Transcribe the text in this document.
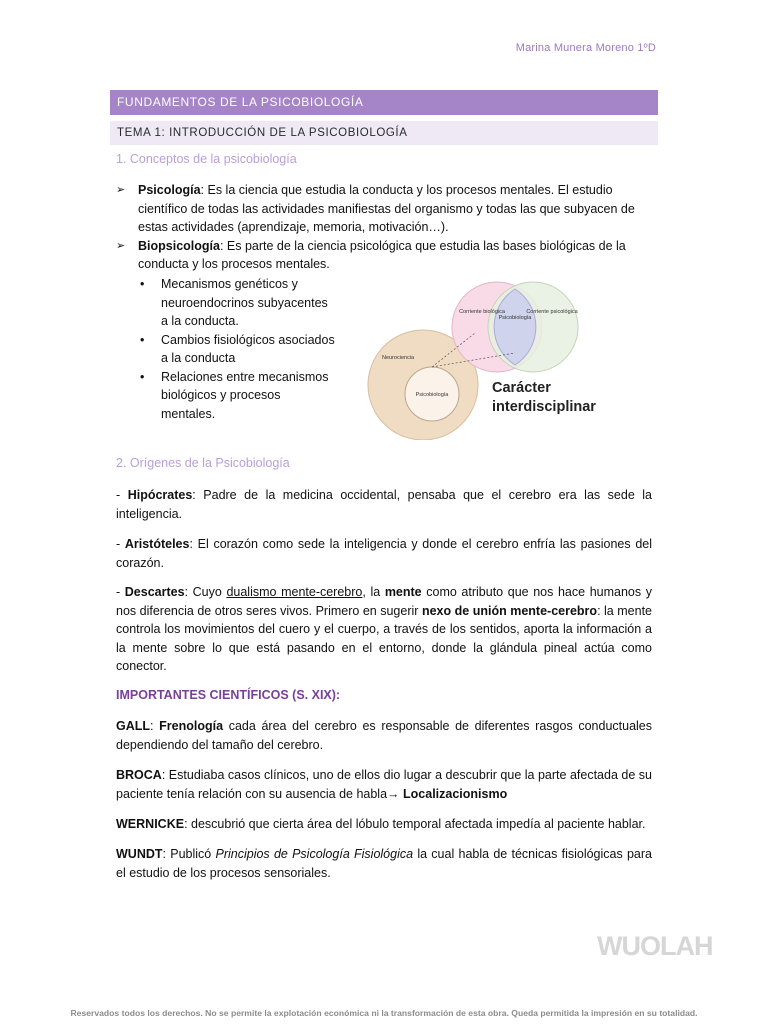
Marina Munera Moreno 1ºD
FUNDAMENTOS DE LA PSICOBIOLOGÍA
TEMA 1: INTRODUCCIÓN DE LA PSICOBIOLOGÍA
1. Conceptos de la psicobiología
➢ Psicología: Es la ciencia que estudia la conducta y los procesos mentales. El estudio científico de todas las actividades manifiestas del organismo y todas las que subyacen de estas actividades (aprendizaje, memoria, motivación…).
➢ Biopsicología: Es parte de la ciencia psicológica que estudia las bases biológicas de la conducta y los procesos mentales.
• Mecanismos genéticos y neuroendocrinos subyacentes a la conducta.
• Cambios fisiológicos asociados a la conducta
• Relaciones entre mecanismos biológicos y procesos mentales.
Corriente biológica
Psicobiología
Corriente psicológica
Neurociencia
Psicobiología	Carácter
interdisciplinar
2. Orígenes de la Psicobiología
- Hipócrates: Padre de la medicina occidental, pensaba que el cerebro era las sede la inteligencia.
- Aristóteles: El corazón como sede la inteligencia y donde el cerebro enfría las pasiones del corazón.
- Descartes: Cuyo dualismo mente-cerebro, la mente como atributo que nos hace humanos y nos diferencia de otros seres vivos. Primero en sugerir nexo de unión mente-cerebro: la mente controla los movimientos del cuero y el cuerpo, a través de los sentidos, aporta la información a la mente sobre lo que está pasando en el entorno, donde la glándula pineal actúa como conector.
IMPORTANTES CIENTÍFICOS (S. XIX):
GALL: Frenología cada área del cerebro es responsable de diferentes rasgos conductuales dependiendo del tamaño del cerebro.
BROCA: Estudiaba casos clínicos, uno de ellos dio lugar a descubrir que la parte afectada de su paciente tenía relación con su ausencia de habla→ Localizacionismo
WERNICKE: descubrió que cierta área del lóbulo temporal afectada impedía al paciente hablar.
WUNDT: Publicó Principios de Psicología Fisiológica la cual habla de técnicas fisiológicas para el estudio de los procesos sensoriales.
WUOLAH
Reservados todos los derechos. No se permite la explotación económica ni la transformación de esta obra. Queda permitida la impresión en su totalidad.
